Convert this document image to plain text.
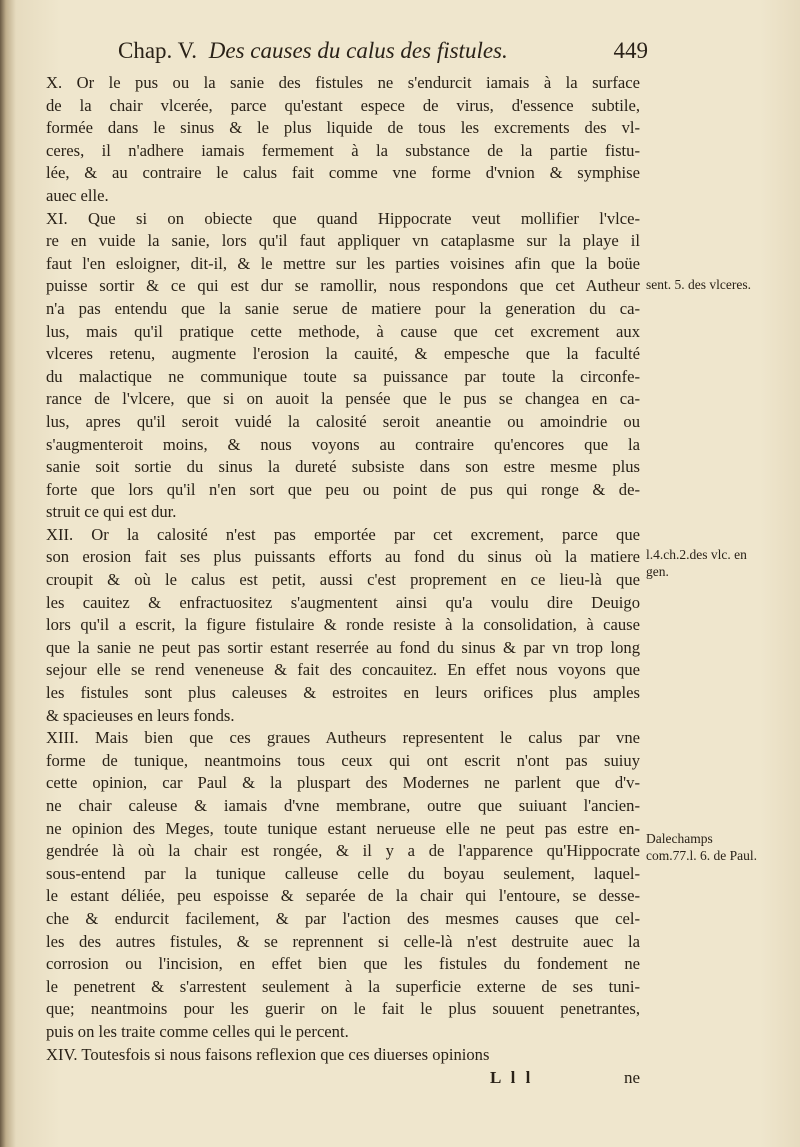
Chap. V. Des causes du calus des fistules.	449

X. Or le pus ou la sanie des fistules ne s'endurcit iamais à la surface
de la chair vlcerée, parce qu'estant espece de virus, d'essence subtile,
formée dans le sinus & le plus liquide de tous les excrements des vl-
ceres, il n'adhere iamais fermement à la substance de la partie fistu-
lée, & au contraire le calus fait comme vne forme d'vnion & symphise
auec elle.

XI. Que si on obiecte que quand Hippocrate veut mollifier l'vlce-
re en vuide la sanie, lors qu'il faut appliquer vn cataplasme sur la playe il
faut l'en esloigner, dit-il, & le mettre sur les parties voisines afin que la boüe
puisse sortir & ce qui est dur se ramollir, nous respondons que cet Autheur
n'a pas entendu que la sanie serue de matiere pour la generation du ca-
lus, mais qu'il pratique cette methode, à cause que cet excrement aux
vlceres retenu, augmente l'erosion la cauité, & empesche que la faculté
du malactique ne communique toute sa puissance par toute la circonfe-
rance de l'vlcere, que si on auoit la pensée que le pus se changea en ca-
lus, apres qu'il seroit vuidé la calosité seroit aneantie ou amoindrie ou
s'augmenteroit moins, & nous voyons au contraire qu'encores que la
sanie soit sortie du sinus la dureté subsiste dans son estre mesme plus
forte que lors qu'il n'en sort que peu ou point de pus qui ronge & de-
struit ce qui est dur.

XII. Or la calosité n'est pas emportée par cet excrement, parce que
son erosion fait ses plus puissants efforts au fond du sinus où la matiere
croupit & où le calus est petit, aussi c'est proprement en ce lieu-là que
les cauitez & enfractuositez s'augmentent ainsi qu'a voulu dire Deuigo
lors qu'il a escrit, la figure fistulaire & ronde resiste à la consolidation, à cause
que la sanie ne peut pas sortir estant reserrée au fond du sinus & par vn trop long
sejour elle se rend veneneuse & fait des concauitez. En effet nous voyons que
les fistules sont plus caleuses & estroites en leurs orifices plus amples
& spacieuses en leurs fonds.

XIII. Mais bien que ces graues Autheurs representent le calus par vne
forme de tunique, neantmoins tous ceux qui ont escrit n'ont pas suiuy
cette opinion, car Paul & la pluspart des Modernes ne parlent que d'v-
ne chair caleuse & iamais d'vne membrane, outre que suiuant l'ancien-
ne opinion des Meges, toute tunique estant nerueuse elle ne peut pas estre en-
gendrée là où la chair est rongée, & il y a de l'apparence qu'Hippocrate
sous-entend par la tunique calleuse celle du boyau seulement, laquel-
le estant déliée, peu espoisse & separée de la chair qui l'entoure, se desse-
che & endurcit facilement, & par l'action des mesmes causes que cel-
les des autres fistules, & se reprennent si celle-là n'est destruite auec la
corrosion ou l'incision, en effet bien que les fistules du fondement ne
le penetrent & s'arrestent seulement à la superficie externe de ses tuni-
que; neantmoins pour les guerir on le fait le plus souuent penetrantes,
puis on les traite comme celles qui le percent.

XIV. Toutesfois si nous faisons reflexion que ces diuerses opinions

sent. 5. des vlceres.
l.4.ch.2.des vlc. en gen.
Dalechamps com.77.l. 6. de Paul.
L l l	ne
